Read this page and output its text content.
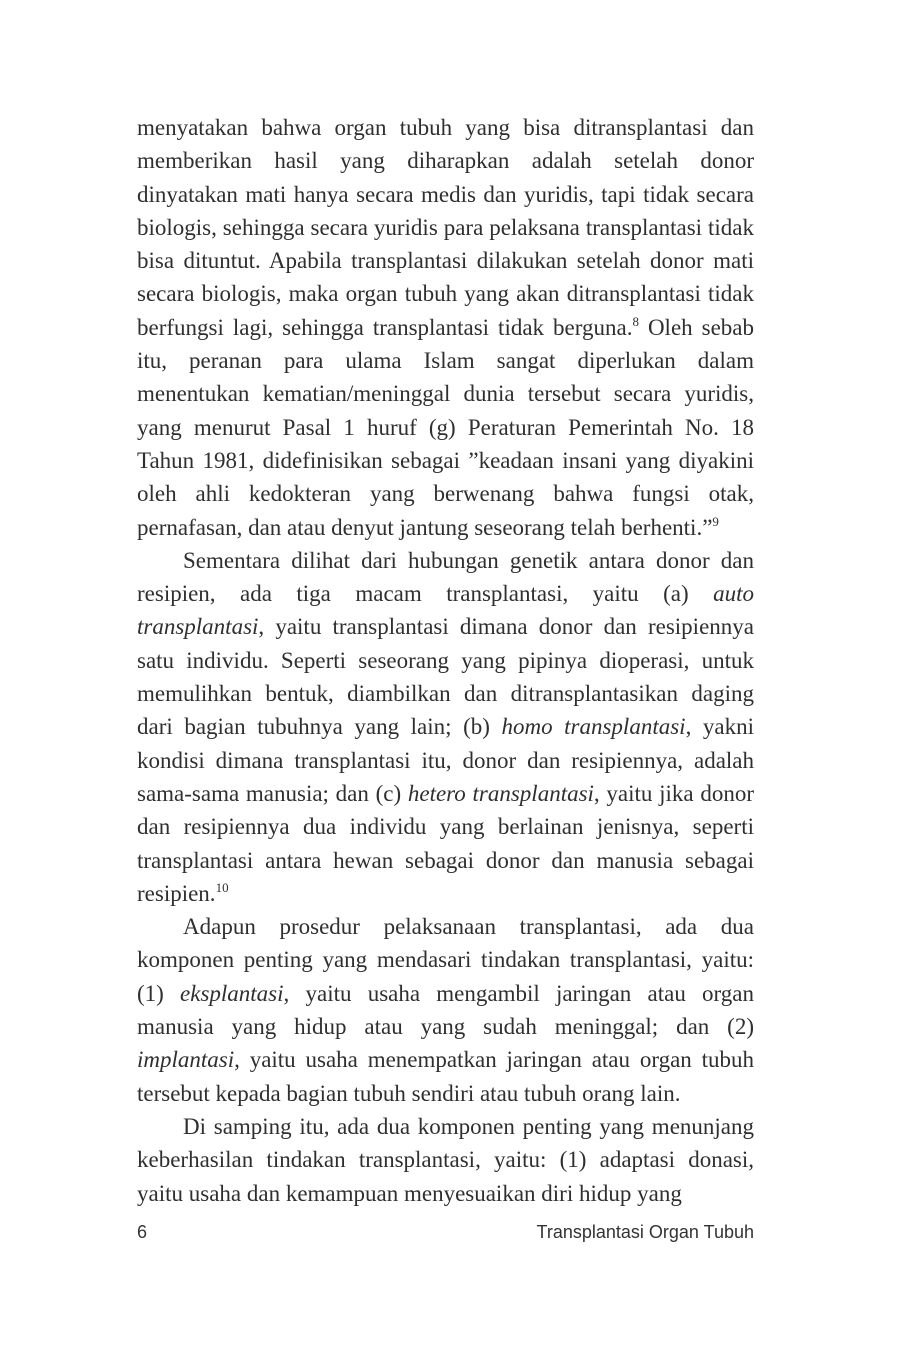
menyatakan bahwa organ tubuh yang bisa ditransplantasi dan memberikan hasil yang diharapkan adalah setelah donor dinyatakan mati hanya secara medis dan yuridis, tapi tidak secara biologis, sehingga secara yuridis para pelaksana transplantasi tidak bisa dituntut. Apabila transplantasi dilakukan setelah donor mati secara biologis, maka organ tubuh yang akan ditransplantasi tidak berfungsi lagi, sehingga transplantasi tidak berguna.$^8$ Oleh sebab itu, peranan para ulama Islam sangat diperlukan dalam menentukan kematian/meninggal dunia tersebut secara yuridis, yang menurut Pasal 1 huruf (g) Peraturan Pemerintah No. 18 Tahun 1981, didefinisikan sebagai ”keadaan insani yang diyakini oleh ahli kedokteran yang berwenang bahwa fungsi otak, pernafasan, dan atau denyut jantung seseorang telah berhenti.”$^9$

Sementara dilihat dari hubungan genetik antara donor dan resipien, ada tiga macam transplantasi, yaitu (a) auto transplantasi, yaitu transplantasi dimana donor dan resipiennya satu individu. Seperti seseorang yang pipinya dioperasi, untuk memulihkan bentuk, diambilkan dan ditransplantasikan daging dari bagian tubuhnya yang lain; (b) homo transplantasi, yakni kondisi dimana transplantasi itu, donor dan resipiennya, adalah sama-sama manusia; dan (c) hetero transplantasi, yaitu jika donor dan resipiennya dua individu yang berlainan jenisnya, seperti transplantasi antara hewan sebagai donor dan manusia sebagai resipien.$^{10}$

Adapun prosedur pelaksanaan transplantasi, ada dua komponen penting yang mendasari tindakan transplantasi, yaitu: (1) eksplantasi, yaitu usaha mengambil jaringan atau organ manusia yang hidup atau yang sudah meninggal; dan (2) implantasi, yaitu usaha menempatkan jaringan atau organ tubuh tersebut kepada bagian tubuh sendiri atau tubuh orang lain.

Di samping itu, ada dua komponen penting yang menunjang keberhasilan tindakan transplantasi, yaitu: (1) adaptasi donasi, yaitu usaha dan kemampuan menyesuaikan diri hidup yang

6	Transplantasi Organ Tubuh
